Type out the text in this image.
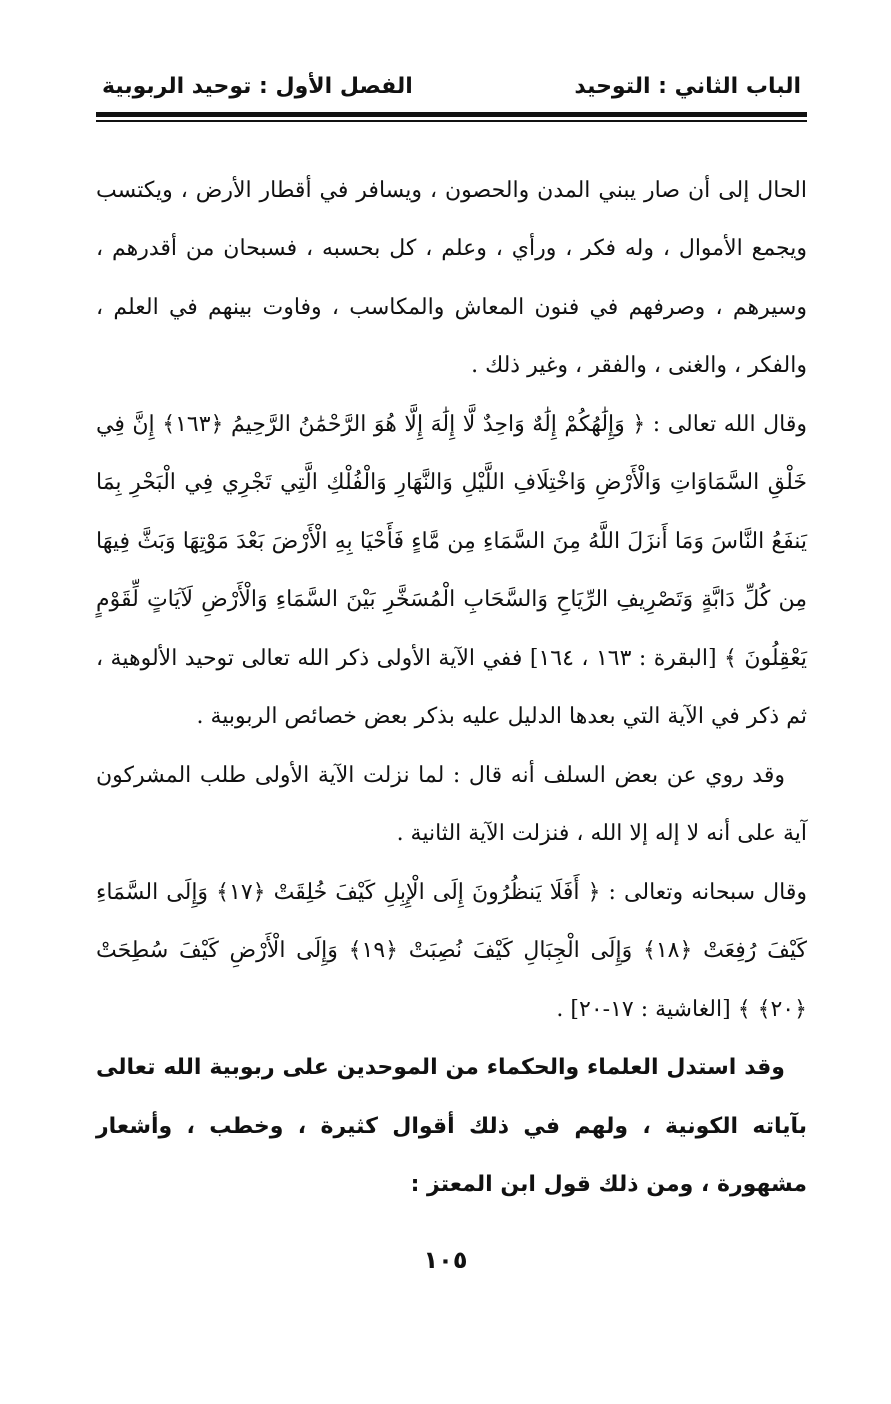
الباب الثاني : التوحيد
الفصل الأول : توحيد الربوبية

الحال إلى أن صار يبني المدن والحصون ، ويسافر في أقطار الأرض ، ويكتسب ويجمع الأموال ، وله فكر ، ورأي ، وعلم ، كل بحسبه ، فسبحان من أقدرهم ، وسيرهم ، وصرفهم في فنون المعاش والمكاسب ، وفاوت بينهم في العلم ، والفكر ، والغنى ، والفقر ، وغير ذلك .

وقال الله تعالى : ﴿ وَإِلَٰهُكُمْ إِلَٰهٌ وَاحِدٌ لَّا إِلَٰهَ إِلَّا هُوَ الرَّحْمَٰنُ الرَّحِيمُ ﴿١٦٣﴾ إِنَّ فِي خَلْقِ السَّمَاوَاتِ وَالْأَرْضِ وَاخْتِلَافِ اللَّيْلِ وَالنَّهَارِ وَالْفُلْكِ الَّتِي تَجْرِي فِي الْبَحْرِ بِمَا يَنفَعُ النَّاسَ وَمَا أَنزَلَ اللَّهُ مِنَ السَّمَاءِ مِن مَّاءٍ فَأَحْيَا بِهِ الْأَرْضَ بَعْدَ مَوْتِهَا وَبَثَّ فِيهَا مِن كُلِّ دَابَّةٍ وَتَصْرِيفِ الرِّيَاحِ وَالسَّحَابِ الْمُسَخَّرِ بَيْنَ السَّمَاءِ وَالْأَرْضِ لَآيَاتٍ لِّقَوْمٍ يَعْقِلُونَ ﴾ [البقرة : ١٦٣ ، ١٦٤] ففي الآية الأولى ذكر الله تعالى توحيد الألوهية ، ثم ذكر في الآية التي بعدها الدليل عليه بذكر بعض خصائص الربوبية .

وقد روي عن بعض السلف أنه قال : لما نزلت الآية الأولى طلب المشركون آية على أنه لا إله إلا الله ، فنزلت الآية الثانية .

وقال سبحانه وتعالى : ﴿ أَفَلَا يَنظُرُونَ إِلَى الْإِبِلِ كَيْفَ خُلِقَتْ ﴿١٧﴾ وَإِلَى السَّمَاءِ كَيْفَ رُفِعَتْ ﴿١٨﴾ وَإِلَى الْجِبَالِ كَيْفَ نُصِبَتْ ﴿١٩﴾ وَإِلَى الْأَرْضِ كَيْفَ سُطِحَتْ ﴿٢٠﴾ ﴾ [الغاشية : ١٧-٢٠] .

وقد استدل العلماء والحكماء من الموحدين على ربوبية الله تعالى بآياته الكونية ، ولهم في ذلك أقوال كثيرة ، وخطب ، وأشعار مشهورة ، ومن ذلك قول ابن المعتز :

١٠٥
